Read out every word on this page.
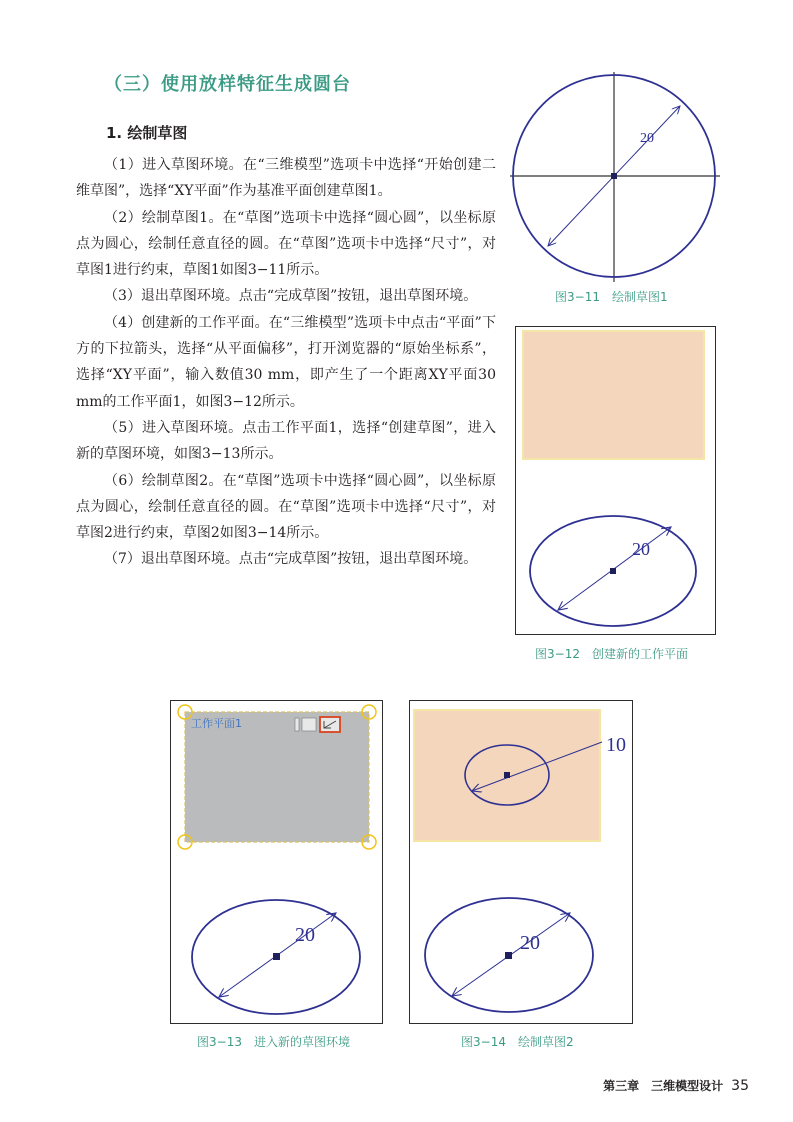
（三）使用放样特征生成圆台
1. 绘制草图

（1）进入草图环境。在“三维模型”选项卡中选择“开始创建二维草图”，选择“XY平面”作为基准平面创建草图1。

（2）绘制草图1。在“草图”选项卡中选择“圆心圆”，以坐标原点为圆心，绘制任意直径的圆。在“草图”选项卡中选择“尺寸”，对草图1进行约束，草图1如图3−11所示。

（3）退出草图环境。点击“完成草图”按钮，退出草图环境。

（4）创建新的工作平面。在“三维模型”选项卡中点击“平面”下方的下拉箭头，选择“从平面偏移”，打开浏览器的“原始坐标系”，选择“XY平面”，输入数值30 mm，即产生了一个距离XY平面30 mm的工作平面1，如图3−12所示。

（5）进入草图环境。点击工作平面1，选择“创建草图”，进入新的草图环境，如图3−13所示。

（6）绘制草图2。在“草图”选项卡中选择“圆心圆”，以坐标原点为圆心，绘制任意直径的圆。在“草图”选项卡中选择“尺寸”，对草图2进行约束，草图2如图3−14所示。

（7）退出草图环境。点击“完成草图”按钮，退出草图环境。

20
图3−11　绘制草图1
20
图3−12　创建新的工作平面
工作平面1
20
图3−13　进入新的草图环境
10
20
图3−14　绘制草图2
第三章　三维模型设计 35
